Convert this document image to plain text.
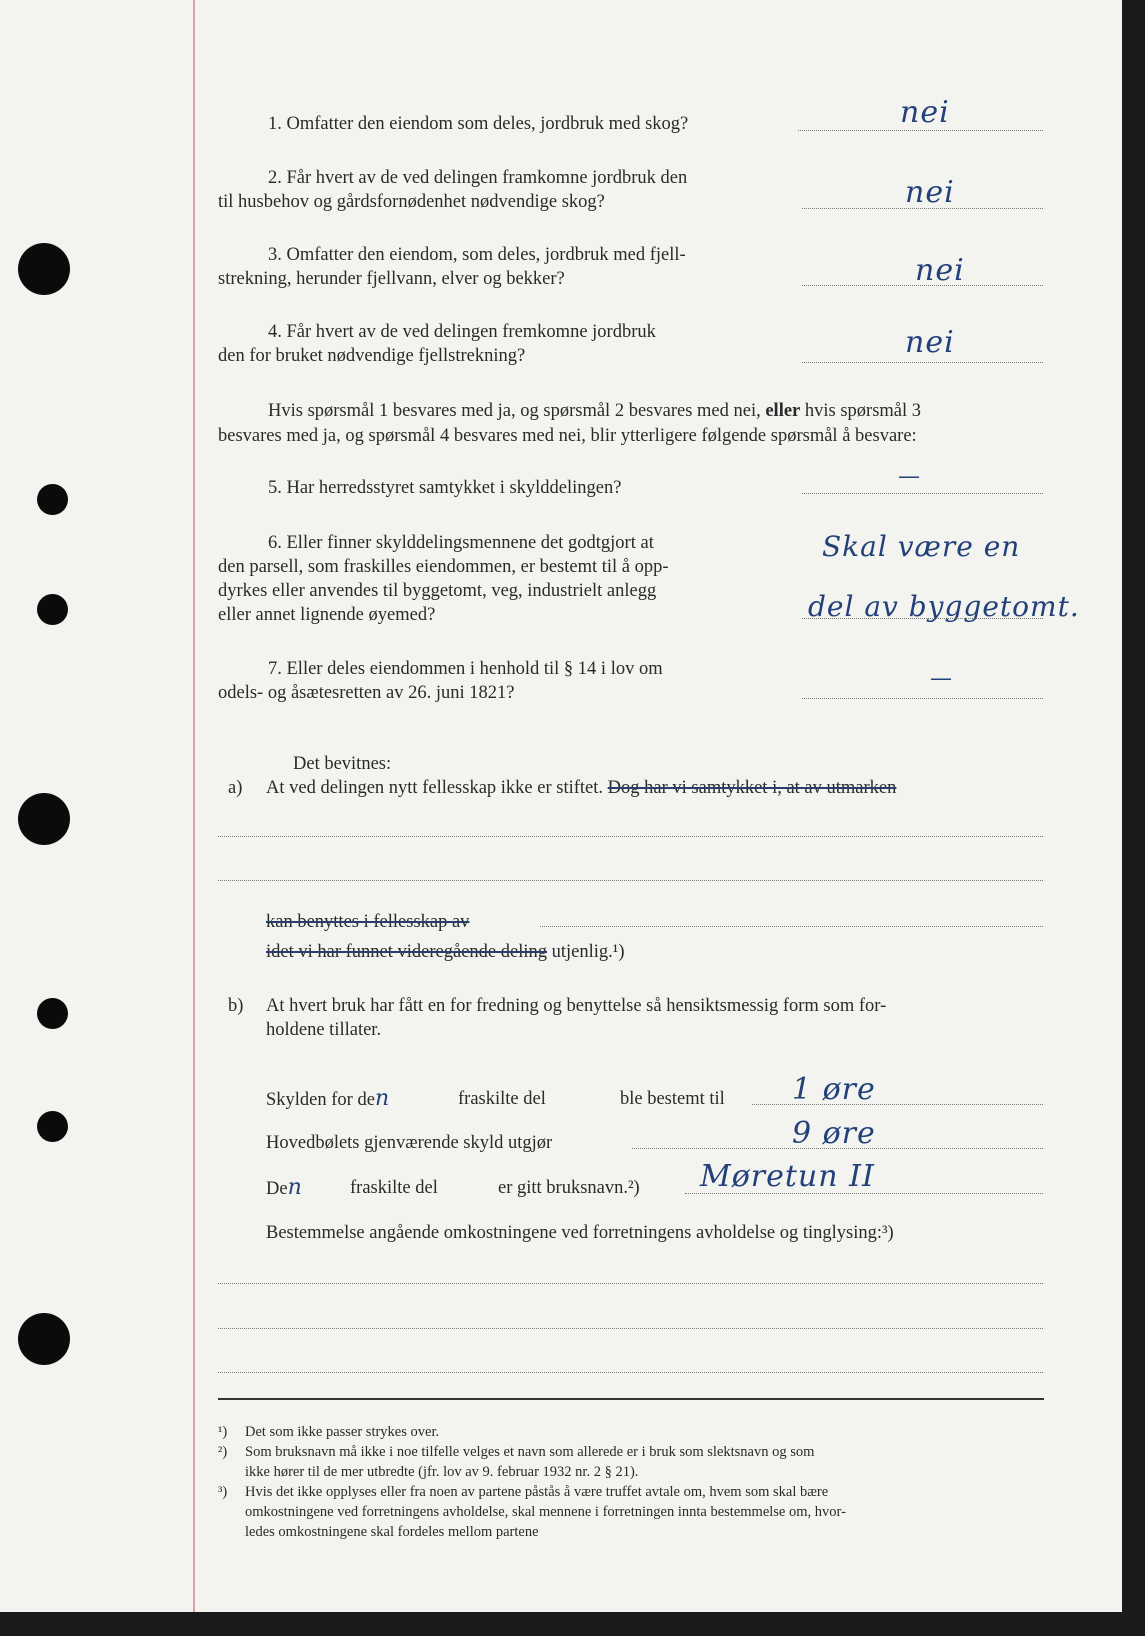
1. Omfatter den eiendom som deles, jordbruk med skog?	nei
2. Får hvert av de ved delingen framkomne jordbruk den
til husbehov og gårdsfornødenhet nødvendige skog?	nei
3. Omfatter den eiendom, som deles, jordbruk med fjell-
strekning, herunder fjellvann, elver og bekker?	nei
4. Får hvert av de ved delingen fremkomne jordbruk
den for bruket nødvendige fjellstrekning?	nei
Hvis spørsmål 1 besvares med ja, og spørsmål 2 besvares med nei, eller hvis spørsmål 3
besvares med ja, og spørsmål 4 besvares med nei, blir ytterligere følgende spørsmål å besvare:
5. Har herredsstyret samtykket i skylddelingen?	—
6. Eller finner skylddelingsmennene det godtgjort at
den parsell, som fraskilles eiendommen, er bestemt til å opp-
dyrkes eller anvendes til byggetomt, veg, industrielt anlegg
eller annet lignende øyemed?
Skal være en
del av byggetomt.
7. Eller deles eiendommen i henhold til § 14 i lov om
odels- og åsætesretten av 26. juni 1821?
—
Det bevitnes:
a) At ved delingen nytt fellesskap ikke er stiftet. Dog har vi samtykket i, at av utmarken
kan benyttes i fellesskap av
idet vi har funnet videregående deling utjenlig.¹)
b) At hvert bruk har fått en for fredning og benyttelse så hensiktsmessig form som for-
holdene tillater.
Skylden for den	fraskilte del	ble bestemt til 1 øre
Hovedbølets gjenværende skyld utgjør	9 øre
Den	fraskilte del	er gitt bruksnavn.²) Møretun II
Bestemmelse angående omkostningene ved forretningens avholdelse og tinglysing:³)
¹) Det som ikke passer strykes over.
²) Som bruksnavn må ikke i noe tilfelle velges et navn som allerede er i bruk som slektsnavn og som
ikke hører til de mer utbredte (jfr. lov av 9. februar 1932 nr. 2 § 21).
³) Hvis det ikke opplyses eller fra noen av partene påstås å være truffet avtale om, hvem som skal bære
omkostningene ved forretningens avholdelse, skal mennene i forretningen innta bestemmelse om, hvor-
ledes omkostningene skal fordeles mellom partene
